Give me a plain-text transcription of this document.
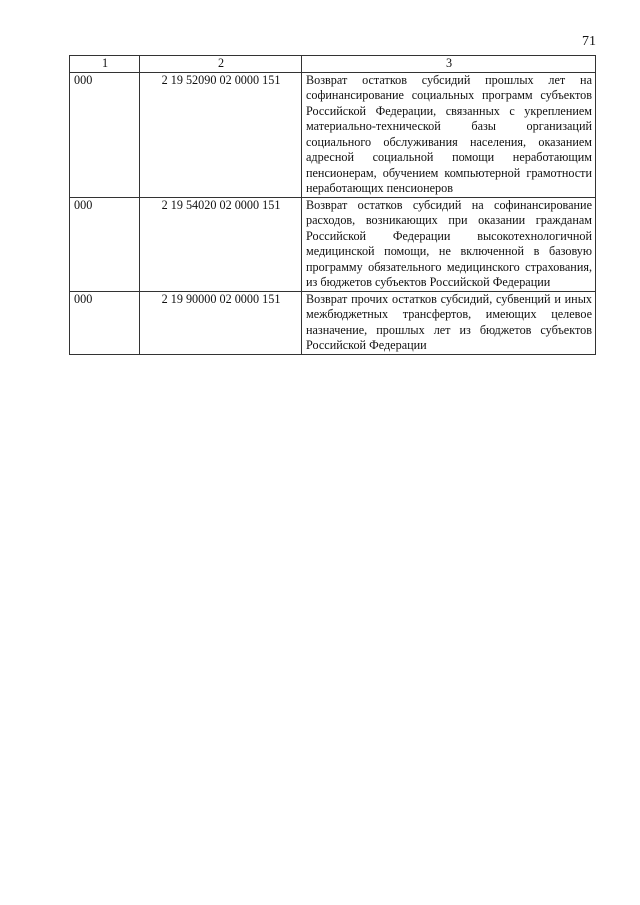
71
1	2	3
000	2 19 52090 02 0000 151	Возврат остатков субсидий прошлых лет на софинансирование социальных программ субъектов Российской Федерации, связанных с укреплением материально-технической базы организаций социального обслуживания населения, оказанием адресной социальной помощи неработающим пенсионерам, обучением компьютерной грамотности неработающих пенсионеров
000	2 19 54020 02 0000 151	Возврат остатков субсидий на софинансирование расходов, возникающих при оказании гражданам Российской Федерации высокотехнологичной медицинской помощи, не включенной в базовую программу обязательного медицинского страхования, из бюджетов субъектов Российской Федерации
000	2 19 90000 02 0000 151	Возврат прочих остатков субсидий, субвенций и иных межбюджетных трансфертов, имеющих целевое назначение, прошлых лет из бюджетов субъектов Российской Федерации
